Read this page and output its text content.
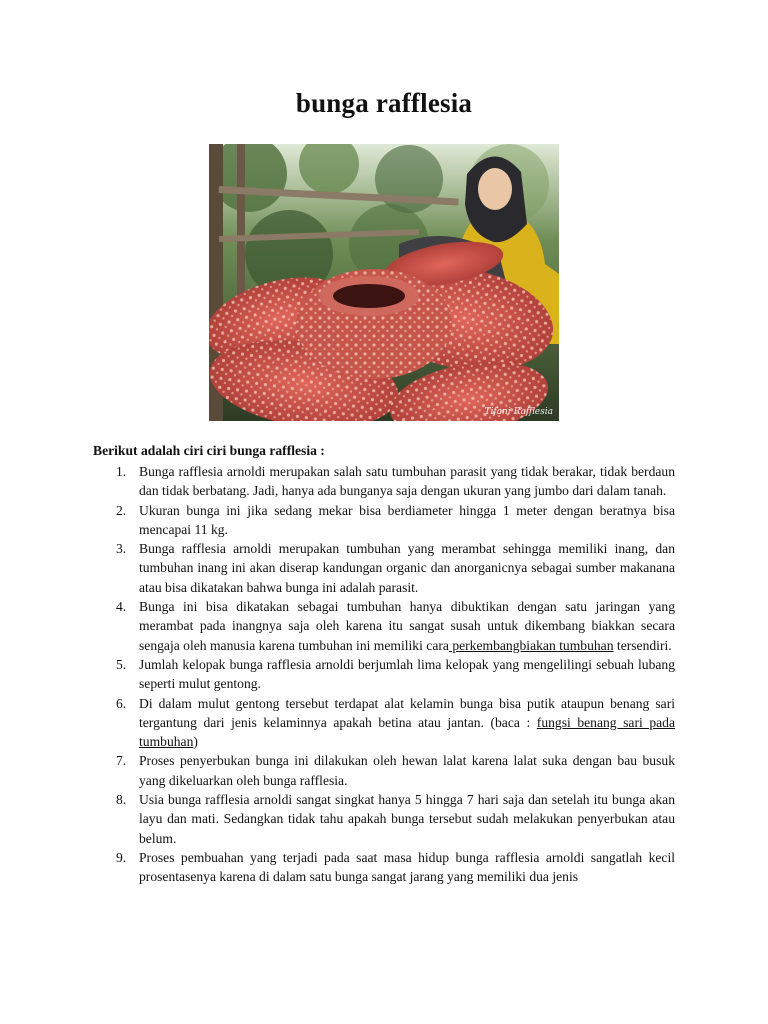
bunga rafflesia
Tifani Rafflesia

Berikut adalah ciri ciri bunga rafflesia :

1. Bunga rafflesia arnoldi merupakan salah satu tumbuhan parasit yang tidak berakar, tidak berdaun dan tidak berbatang. Jadi, hanya ada bunganya saja dengan ukuran yang jumbo dari dalam tanah.
2. Ukuran bunga ini jika sedang mekar bisa berdiameter hingga 1 meter dengan beratnya bisa mencapai 11 kg.
3. Bunga rafflesia arnoldi merupakan tumbuhan yang merambat sehingga memiliki inang, dan tumbuhan inang ini akan diserap kandungan organic dan anorganicnya sebagai sumber makanana atau bisa dikatakan bahwa bunga ini adalah parasit.
4. Bunga ini bisa dikatakan sebagai tumbuhan hanya dibuktikan dengan satu jaringan yang merambat pada inangnya saja oleh karena itu sangat susah untuk dikembang biakkan secara sengaja oleh manusia karena tumbuhan ini memiliki cara perkembangbiakan tumbuhan tersendiri.
5. Jumlah kelopak bunga rafflesia arnoldi berjumlah lima kelopak yang mengelilingi sebuah lubang seperti mulut gentong.
6. Di dalam mulut gentong tersebut terdapat alat kelamin bunga bisa putik ataupun benang sari tergantung dari jenis kelaminnya apakah betina atau jantan. (baca : fungsi benang sari pada tumbuhan)
7. Proses penyerbukan bunga ini dilakukan oleh hewan lalat karena lalat suka dengan bau busuk yang dikeluarkan oleh bunga rafflesia.
8. Usia bunga rafflesia arnoldi sangat singkat hanya 5 hingga 7 hari saja dan setelah itu bunga akan layu dan mati. Sedangkan tidak tahu apakah bunga tersebut sudah melakukan penyerbukan atau belum.
9. Proses pembuahan yang terjadi pada saat masa hidup bunga rafflesia arnoldi sangatlah kecil prosentasenya karena di dalam satu bunga sangat jarang yang memiliki dua jenis
